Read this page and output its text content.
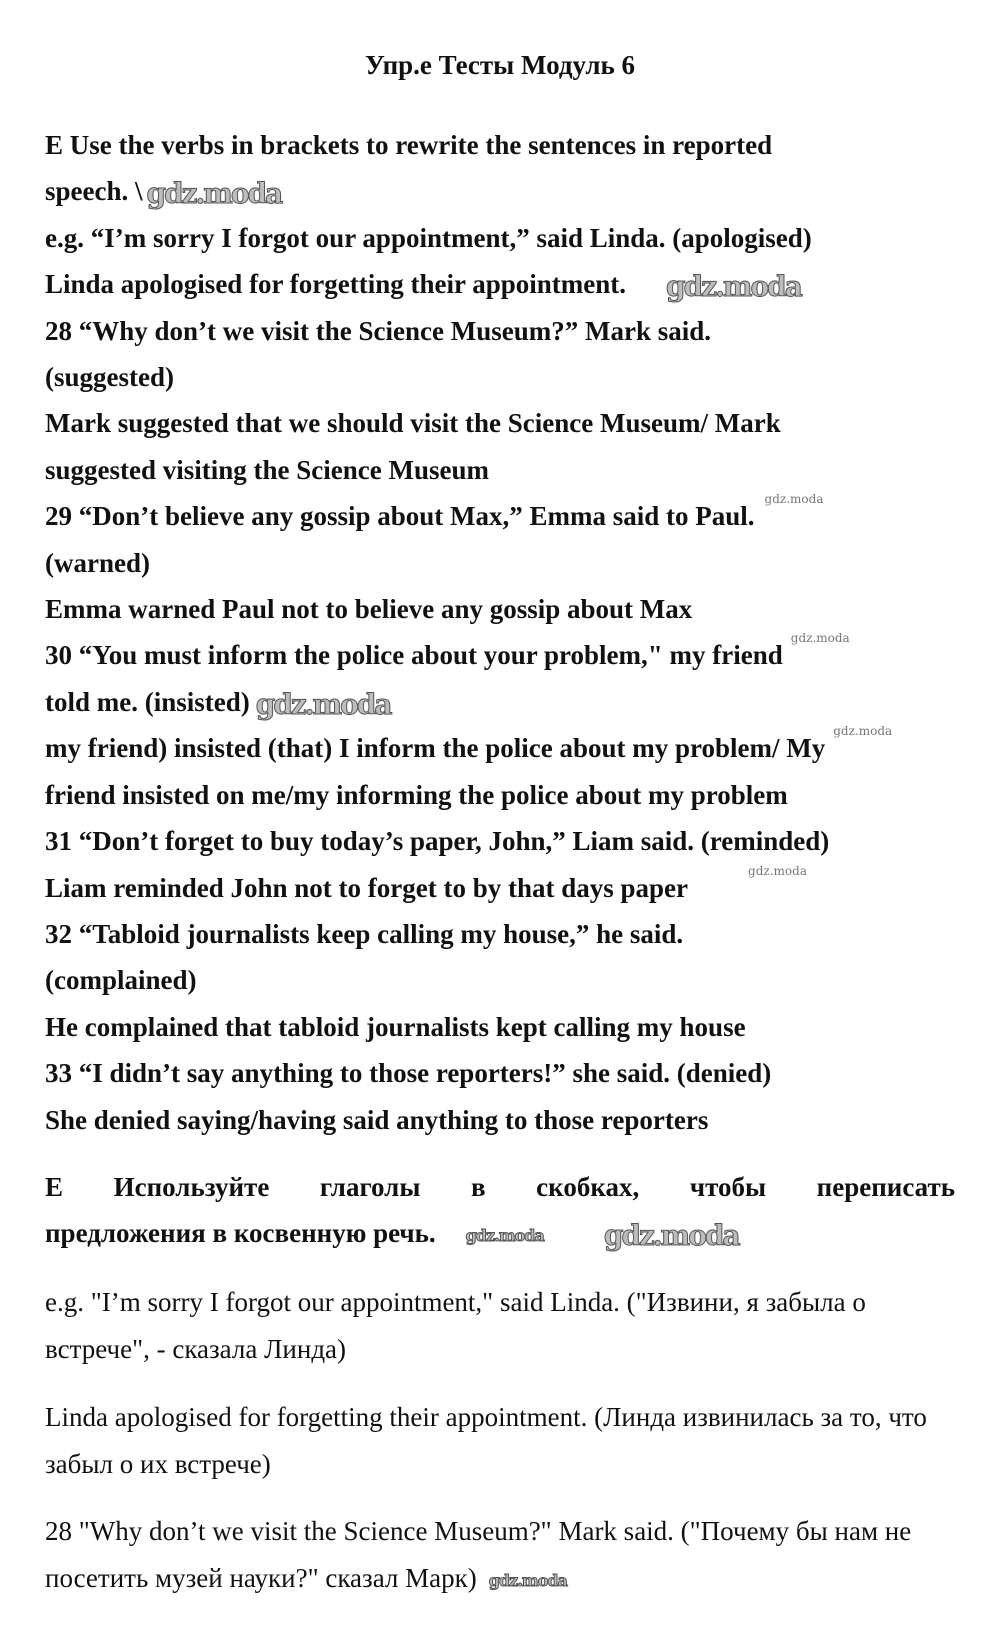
Упр.е Тесты Модуль 6
E Use the verbs in brackets to rewrite the sentences in reported
speech. \ gdz.moda
e.g. “I’m sorry I forgot our appointment,” said Linda. (apologised)
Linda apologised for forgetting their appointment. gdz.moda
28 “Why don’t we visit the Science Museum?” Mark said.
(suggested)
Mark suggested that we should visit the Science Museum/ Mark
suggested visiting the Science Museum
29 “Don’t believe any gossip about Max,” Emma said to Paul.$^{gdz.moda}$
(warned)
Emma warned Paul not to believe any gossip about Max
30 “You must inform the police about your problem," my friend$^{gdz.moda}$
told me. (insisted) gdz.moda
my friend) insisted (that) I inform the police about my problem/ $My^{gdz.moda}$
friend insisted on me/my informing the police about my problem
31 “Don’t forget to buy today’s paper, John,” Liam said. (reminded)
Liam reminded John not to forget to by that days paper$^{gdz.moda}$
32 “Tabloid journalists keep calling my house,” he said.
(complained)
He complained that tabloid journalists kept calling my house
33 “I didn’t say anything to those reporters!” she said. (denied)
She denied saying/having said anything to those reporters
Е Используйте глаголы в скобках, чтобы переписать
предложения в косвенную речь. gdz.moda gdz.moda
e.g. "I’m sorry I forgot our appointment," said Linda. ("Извини, я забыла о встрече", - сказала Линда)
Linda apologised for forgetting their appointment. (Линда извинилась за то, что забыл о их встрече)
28 "Why don’t we visit the Science Museum?" Mark said. ("Почему бы нам не посетить музей науки?" сказал Марк) gdz.moda
